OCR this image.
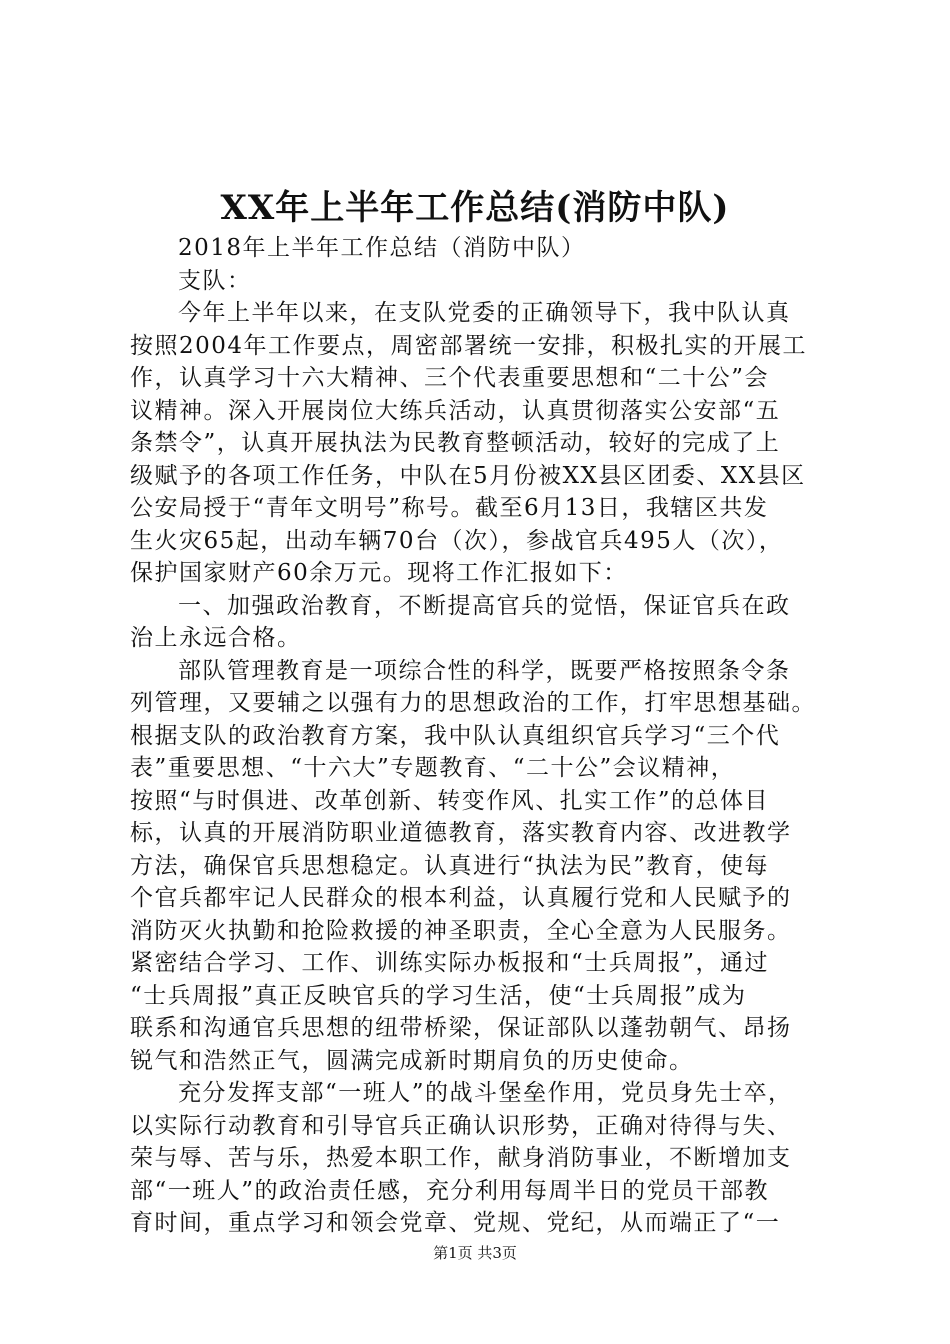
XX年上半年工作总结(消防中队)
2018年上半年工作总结（消防中队）
支队：
今年上半年以来，在支队党委的正确领导下，我中队认真
按照2004年工作要点，周密部署统一安排，积极扎实的开展工
作，认真学习十六大精神、三个代表重要思想和“二十公”会
议精神。深入开展岗位大练兵活动，认真贯彻落实公安部“五
条禁令”，认真开展执法为民教育整顿活动，较好的完成了上
级赋予的各项工作任务，中队在5月份被XX县区团委、XX县区
公安局授于“青年文明号”称号。截至6月13日，我辖区共发
生火灾65起，出动车辆70台（次），参战官兵495人（次），
保护国家财产60余万元。现将工作汇报如下：
一、加强政治教育，不断提高官兵的觉悟，保证官兵在政
治上永远合格。
部队管理教育是一项综合性的科学，既要严格按照条令条
列管理，又要辅之以强有力的思想政治的工作，打牢思想基础。
根据支队的政治教育方案，我中队认真组织官兵学习“三个代
表”重要思想、“十六大”专题教育、“二十公”会议精神，
按照“与时俱进、改革创新、转变作风、扎实工作”的总体目
标，认真的开展消防职业道德教育，落实教育内容、改进教学
方法，确保官兵思想稳定。认真进行“执法为民”教育，使每
个官兵都牢记人民群众的根本利益，认真履行党和人民赋予的
消防灭火执勤和抢险救援的神圣职责，全心全意为人民服务。
紧密结合学习、工作、训练实际办板报和“士兵周报”，通过
“士兵周报”真正反映官兵的学习生活，使“士兵周报”成为
联系和沟通官兵思想的纽带桥梁，保证部队以蓬勃朝气、昂扬
锐气和浩然正气，圆满完成新时期肩负的历史使命。
充分发挥支部“一班人”的战斗堡垒作用，党员身先士卒，
以实际行动教育和引导官兵正确认识形势，正确对待得与失、
荣与辱、苦与乐，热爱本职工作，献身消防事业，不断增加支
部“一班人”的政治责任感，充分利用每周半日的党员干部教
育时间，重点学习和领会党章、党规、党纪，从而端正了“一
第1页 共3页
